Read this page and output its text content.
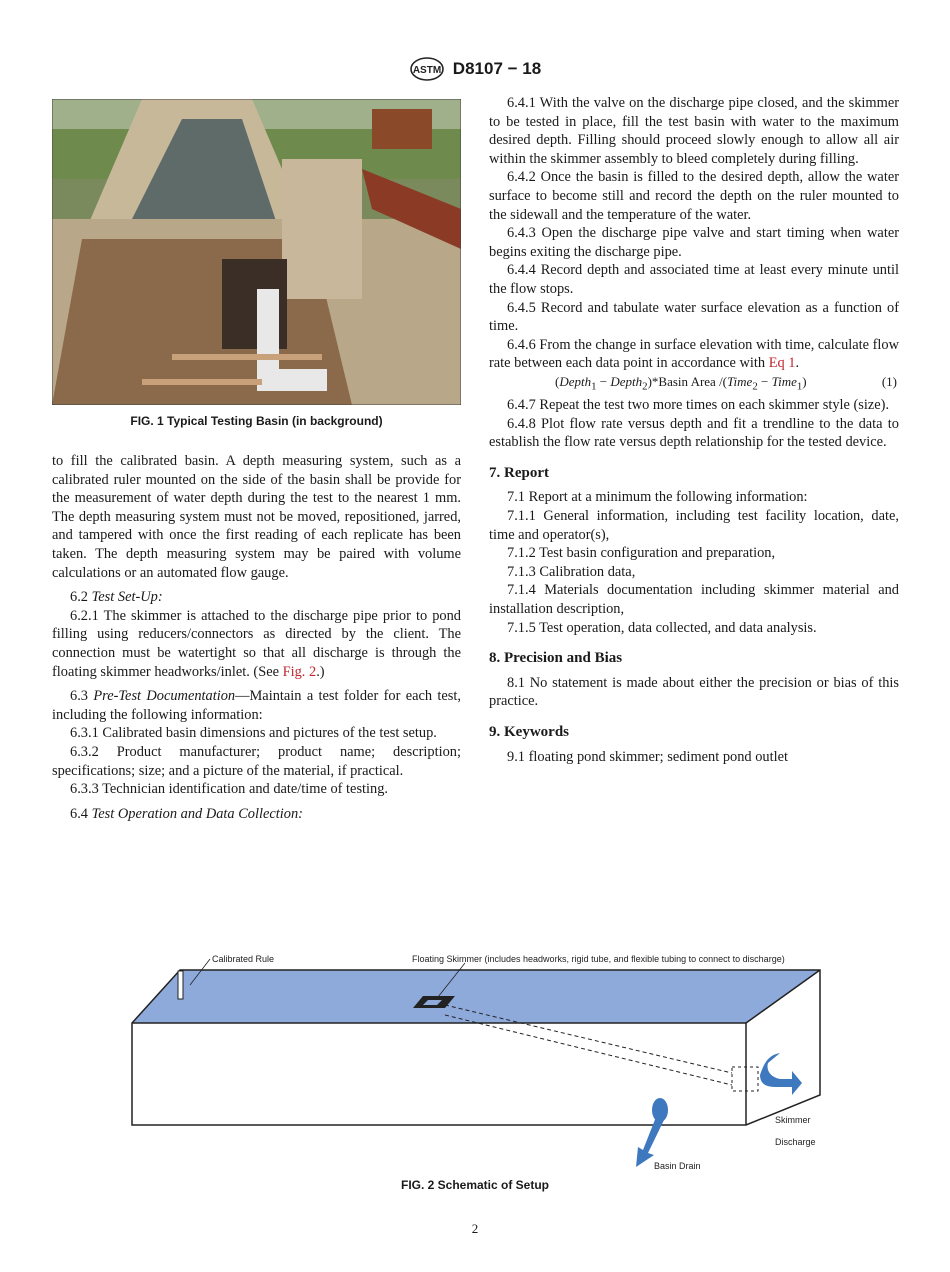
ASTM D8107 − 18
FIG. 1 Typical Testing Basin (in background)

to fill the calibrated basin. A depth measuring system, such as a calibrated ruler mounted on the side of the basin shall be provide for the measurement of water depth during the test to the nearest 1 mm. The depth measuring system must not be moved, repositioned, jarred, and tampered with once the first reading of each replicate has been taken. The depth measuring system may be paired with volume calculations or an automated flow gauge.

6.2 Test Set-Up:

6.2.1 The skimmer is attached to the discharge pipe prior to pond filling using reducers/connectors as directed by the client. The connection must be watertight so that all discharge is through the floating skimmer headworks/inlet. (See Fig. 2.)

6.3 Pre-Test Documentation—Maintain a test folder for each test, including the following information:

6.3.1 Calibrated basin dimensions and pictures of the test setup.

6.3.2 Product manufacturer; product name; description; specifications; size; and a picture of the material, if practical.

6.3.3 Technician identification and date/time of testing.

6.4 Test Operation and Data Collection:

6.4.1 With the valve on the discharge pipe closed, and the skimmer to be tested in place, fill the test basin with water to the maximum desired depth. Filling should proceed slowly enough to allow all air within the skimmer assembly to bleed completely during filling.

6.4.2 Once the basin is filled to the desired depth, allow the water surface to become still and record the depth on the ruler mounted to the sidewall and the temperature of the water.

6.4.3 Open the discharge pipe valve and start timing when water begins exiting the discharge pipe.

6.4.4 Record depth and associated time at least every minute until the flow stops.

6.4.5 Record and tabulate water surface elevation as a function of time.

6.4.6 From the change in surface elevation with time, calculate flow rate between each data point in accordance with Eq 1.

(Depth$_1$ − Depth$_2$)*Basin Area /(Time$_2$ − Time$_1$)	(1)

6.4.7 Repeat the test two more times on each skimmer style (size).

6.4.8 Plot flow rate versus depth and fit a trendline to the data to establish the flow rate versus depth relationship for the tested device.

7. Report

7.1 Report at a minimum the following information:

7.1.1 General information, including test facility location, date, time and operator(s),

7.1.2 Test basin configuration and preparation,

7.1.3 Calibration data,

7.1.4 Materials documentation including skimmer material and installation description,

7.1.5 Test operation, data collected, and data analysis.

8. Precision and Bias

8.1 No statement is made about either the precision or bias of this practice.

9. Keywords

9.1 floating pond skimmer; sediment pond outlet

Calibrated Rule	Floating Skimmer (includes headworks, rigid tube, and flexible tubing to connect to discharge)
Skimmer
Discharge
Basin Drain
FIG. 2 Schematic of Setup
2
